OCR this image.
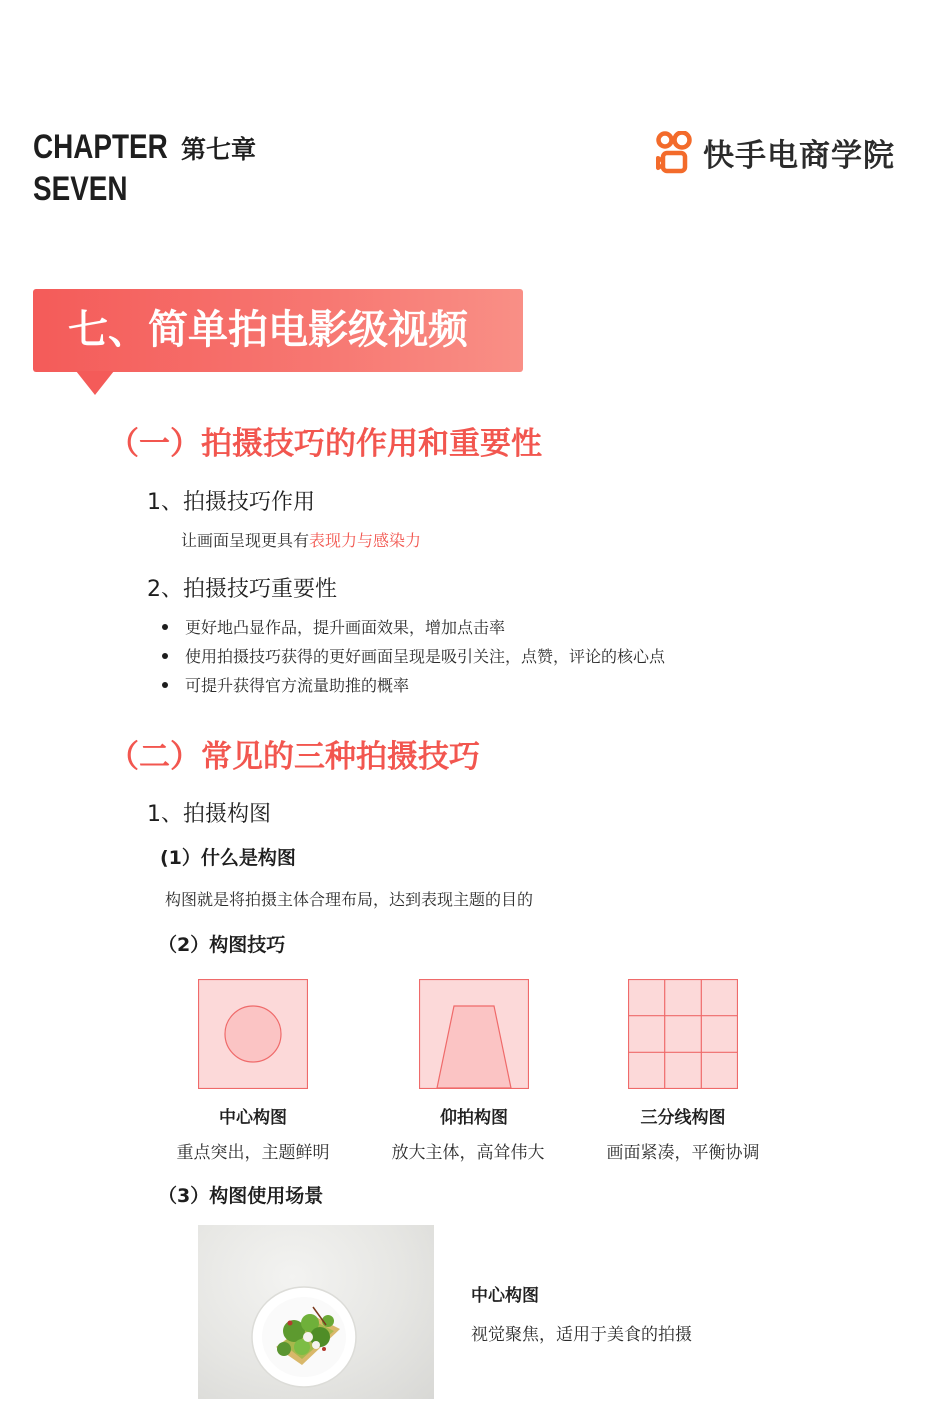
CHAPTER
SEVEN
第七章	快手电商学院
七、简单拍电影级视频
（一）拍摄技巧的作用和重要性
1、拍摄技巧作用
让画面呈现更具有表现力与感染力
2、拍摄技巧重要性
更好地凸显作品，提升画面效果，增加点击率
使用拍摄技巧获得的更好画面呈现是吸引关注，点赞，评论的核心点
可提升获得官方流量助推的概率
（二）常见的三种拍摄技巧
1、拍摄构图
(1）什么是构图
构图就是将拍摄主体合理布局，达到表现主题的目的
（2）构图技巧
中心构图
重点突出，主题鲜明
仰拍构图
放大主体，高耸伟大
三分线构图
画面紧凑，平衡协调
（3）构图使用场景
中心构图
视觉聚焦，适用于美食的拍摄
